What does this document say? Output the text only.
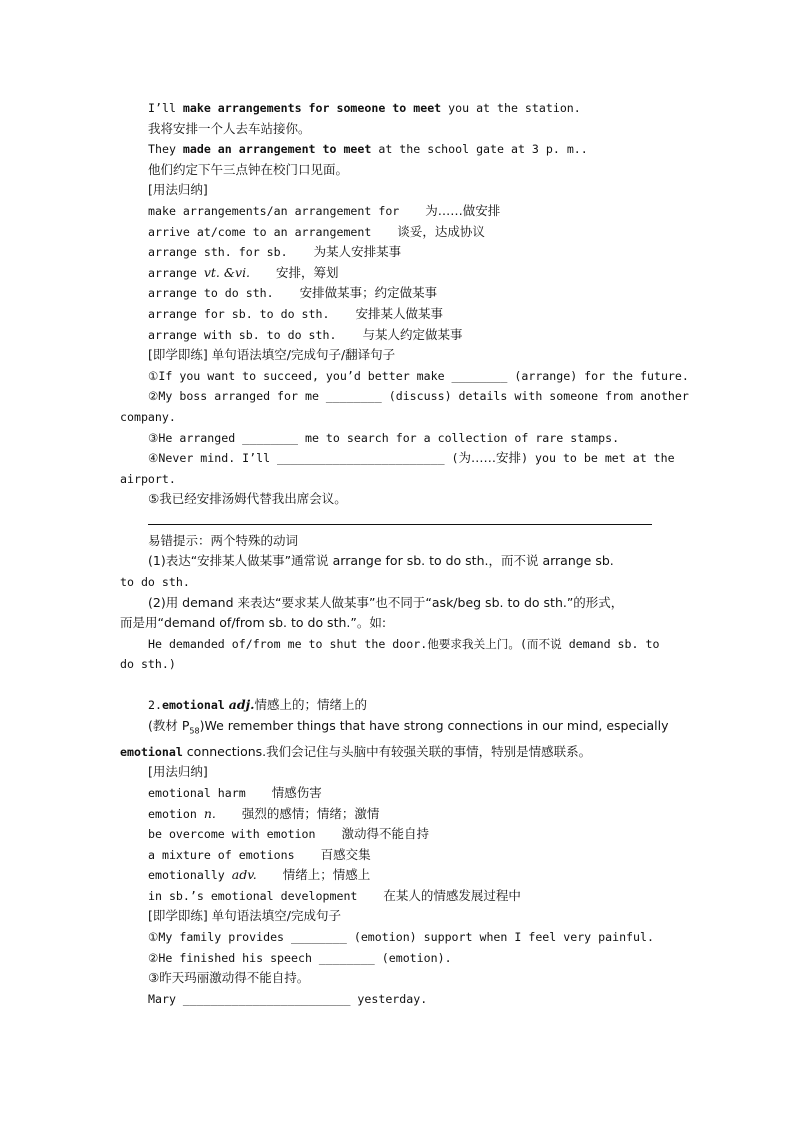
I’ll make arrangements for someone to meet you at the station.
我将安排一个人去车站接你。
They made an arrangement to meet at the school gate at 3 p. m..
他们约定下午三点钟在校门口见面。
[用法归纳]
make arrangements/an arrangement for 为……做安排
arrive at/come to an arrangement 谈妥，达成协议
arrange sth. for sb. 为某人安排某事
arrange vt. &vi. 安排，筹划
arrange to do sth. 安排做某事；约定做某事
arrange for sb. to do sth. 安排某人做某事
arrange with sb. to do sth. 与某人约定做某事
[即学即练] 单句语法填空/完成句子/翻译句子
①If you want to succeed, you’d better make ________ (arrange) for the future.
②My boss arranged for me ________ (discuss) details with someone from another
company.
③He arranged ________ me to search for a collection of rare stamps.
④Never mind. I’ll ________________________ (为……安排) you to be met at the
airport.
⑤我已经安排汤姆代替我出席会议。
易错提示：两个特殊的动词
(1)表达“安排某人做某事”通常说 arrange for sb. to do sth.，而不说 arrange sb.
to do sth.
(2)用 demand 来表达“要求某人做某事”也不同于“ask/beg sb. to do sth.”的形式，
而是用“demand of/from sb. to do sth.”。如:
He demanded of/from me to shut the door.他要求我关上门。(而不说 demand sb. to
do sth.)
2.emotional adj.情感上的；情绪上的
(教材 $P_{58})We$ remember things that have strong connections in our mind, especially
emotional connections.我们会记住与头脑中有较强关联的事情，特别是情感联系。
[用法归纳]
emotional harm 情感伤害
emotion n. 强烈的感情；情绪；激情
be overcome with emotion 激动得不能自持
a mixture of emotions 百感交集
emotionally adv. 情绪上；情感上
in sb.’s emotional development 在某人的情感发展过程中
[即学即练] 单句语法填空/完成句子
①My family provides ________ (emotion) support when I feel very painful.
②He finished his speech ________ (emotion).
③昨天玛丽激动得不能自持。
Mary ________________________ yesterday.
